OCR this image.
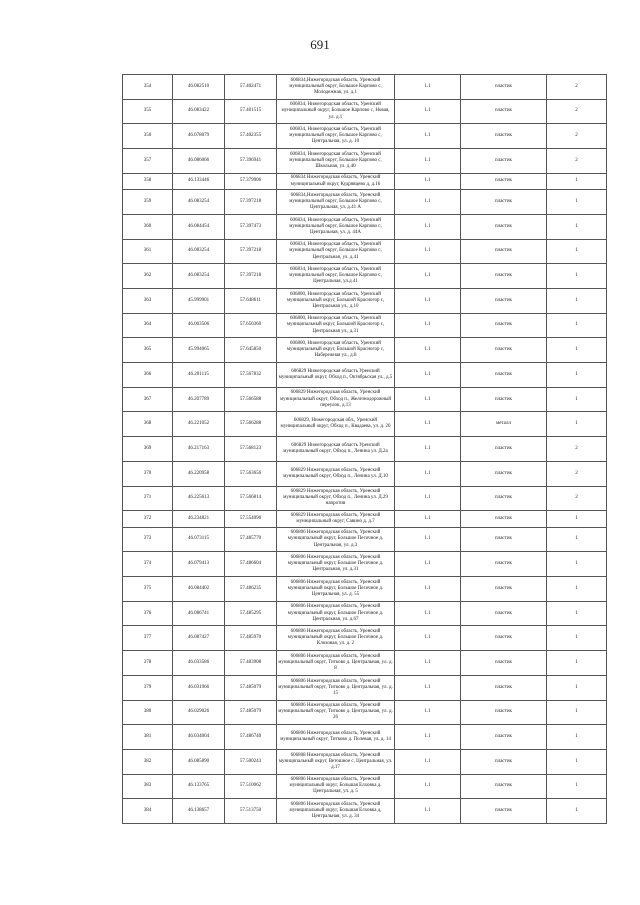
691
354	46.082510	57.402471	606834,Нижегородская область, Уренский муниципальный округ, Большое Карпово с, Молодежная, ул. д.1	1.1	пластик	2
355	46.083422	57.401515	606834, Нижегородская область, Уренский муниципальный округ, Большое Карпово с, Новая, ул. д.1	1.1	пластик	2
356	46.078079	57.402355	606834, Нижегородская область, Уренский муниципальный округ, Большое Карпово с, Центральная, ул. д. 10	1.1	пластик	2
357	46.086066	57.396941	606834, Нижегородская область, Уренский муниципальный округ, Большое Карпово с, Школьная, ул. д.40	1.1	пластик	2
358	46.133446	57.379906	606834 Нижегородская область, Уренский муниципальный округ, Кудрявцево д, д.16	1.1	пластик	1
359	46.083254	57.397218	606834,Нижегородская область, Уренский муниципальный округ, Большое Карпово с, Центральная, ул. д.41 А	1.1	пластик	1
360	46.084454	57.397473	606834, Нижегородская область, Уренский муниципальный округ, Большое Карпово с, Центральная, ул. д. 44А	1.1	пластик	1
361	46.083254	57.397218	606834, Нижегородская область, Уренский муниципальный округ, Большое Карпово с, Центральная, ул. д.41	1.1	пластик	1
362	46.083254	57.397218	606834, Нижегородская область, Уренский муниципальный округ, Большое Карпово с, Центральная, ул.д.41	1.1	пластик	1
363	45.999901	57.648611	606800, Нижегородская область, Уренский муниципальный округ, Большой Красногор с, Центральная ул., д.10	1.1	пластик	1
364	46.003506	57.650360	606800, Нижегородская область, Уренский муниципальный округ, Большой Красногор с, Центральная ул., д.31	1.1	пластик	1
365	45.994065	57.645850	606800, Нижегородская область, Уренский муниципальный округ, Большой Красногор с, Набережная ул., д.8	1.1	пластик	1
366	46.201115	57.567832	606829 Нижегородская область Уренский муниципальный округ, Обход п., Октябрьская ул., д.5	1.1	пластик	1
367	46.207789	57.566588	606829 Нижегородская область, Уренский муниципальный округ, Обход п., Железнодорожный переулок, д.13	1.1	пластик	1
368	46.221052	57.566288	606829, Нижегородская обл., Уренский муниципальный округ, Обход п., Квадаева, ул. д. 20	1.1	металл	1
369	46.217163	57.568123	606829 Нижегородская область Уренский муниципальный округ, Обход п., Ленина ул. Д.2а	1.1	пластик	2
370	46.220958	57.563656	606829 Нижегородская область, Уренский муниципальный округ, Обход п., Ленина ул. Д.10	1.1	пластик	2
371	46.225613	57.566814	606829 Нижегородская область, Уренский муниципальный округ, Обход п., Ленина ул. Д.29 напротив	1.1	пластик	2
372	46.234821	57.554096	606829 Нижегородская область, Уренский муниципальный округ, Савино д. д.7	1.1	пластик	1
373	46.073115	57.485770	606806 Нижегородская область, Уренский муниципальный округ, Большое Песочное д. Центральная, ул. д.3	1.1	пластик	1
374	46.079413	57.486604	606806 Нижегородская область, Уренский муниципальный округ, Большое Песочное д. Центральная, ул. д.31	1.1	пластик	1
375	46.084402	57.486235	606806 Нижегородская область, Уренский муниципальный округ, Большое Песочное д. Центральная, ул. д. 55	1.1	пластик	1
376	46.086741	57.485295	606806 Нижегородская область, Уренский муниципальный округ, Большое Песочное д. Центральная, ул. д.67	1.1	пластик	1
377	46.087427	57.485970	606806 Нижегородская область, Уренский муниципальный округ, Большое Песочное д. Клоховая, ул. д. 2	1.1	пластик	1
378	46.033586	57.483908	606806 Нижегородская область, Уренский муниципальный округ, Титково д. Центральная, ул. д. 8	1.1	пластик	1
379	46.031966	57.485079	606806 Нижегородская область, Уренский муниципальный округ, Титково д. Центральная, ул. д. 15	1.1	пластик	1
380	46.029026	57.485079	606806 Нижегородская область, Уренский муниципальный округ, Титково д. Центральная, ул. д. 26	1.1	пластик	1
381	46.034004	57.486740	606806 Нижегородская область, Уренский муниципальный округ, Титково д. Полевая, ул. д. 14	1.1	пластик	1
382	46.085890	57.500243	606808 Нижегородская область, Уренский муниципальный округ, Ветошное с, Центральная, ул. д.17	1.1	пластик	1
383	46.133765	57.510062	606806 Нижегородская область, Уренский муниципальный округ, Большая Елховка д. Центральная, ул. д. 5	1.1	пластик	1
384	46.138657	57.513750	606806 Нижегородская область, Уренский муниципальный округ, Большая Елховка д, Центральная, ул. д. 34	1.1	пластик	1
